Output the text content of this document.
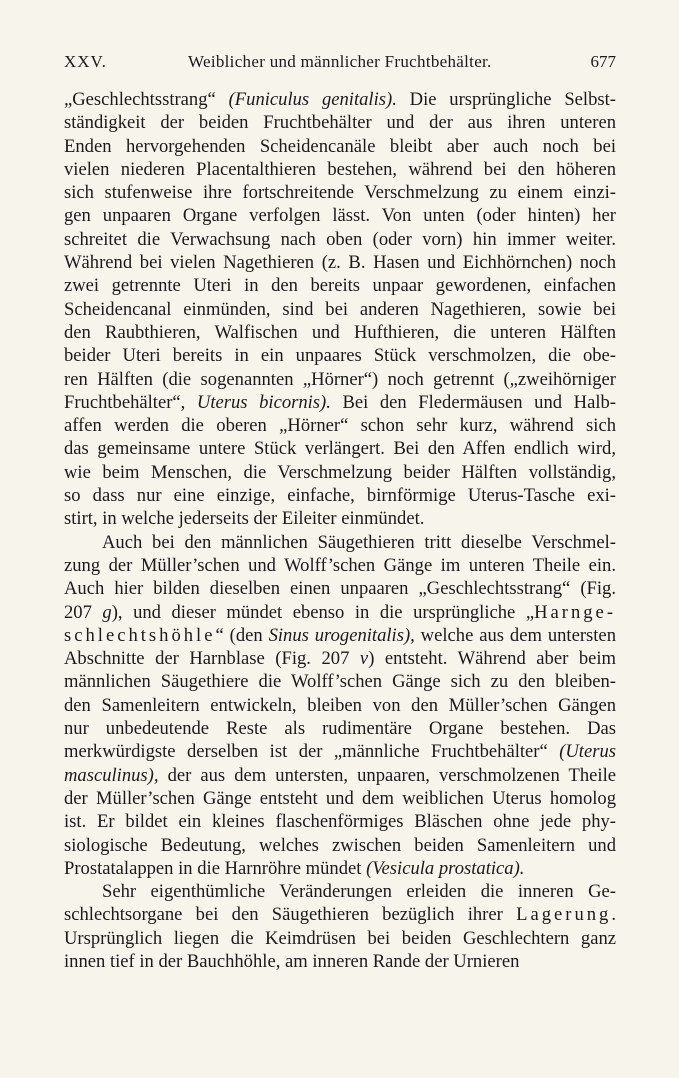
XXV.	Weiblicher und männlicher Fruchtbehälter.	677
„Geschlechtsstrang“ (Funiculus genitalis). Die ursprüngliche Selbst-
ständigkeit der beiden Fruchtbehälter und der aus ihren unteren
Enden hervorgehenden Scheidencanäle bleibt aber auch noch bei
vielen niederen Placentalthieren bestehen, während bei den höheren
sich stufenweise ihre fortschreitende Verschmelzung zu einem einzi-
gen unpaaren Organe verfolgen lässt. Von unten (oder hinten) her
schreitet die Verwachsung nach oben (oder vorn) hin immer weiter.
Während bei vielen Nagethieren (z. B. Hasen und Eichhörnchen) noch
zwei getrennte Uteri in den bereits unpaar gewordenen, einfachen
Scheidencanal einmünden, sind bei anderen Nagethieren, sowie bei
den Raubthieren, Walfischen und Hufthieren, die unteren Hälften
beider Uteri bereits in ein unpaares Stück verschmolzen, die obe-
ren Hälften (die sogenannten „Hörner“) noch getrennt („zweihörniger
Fruchtbehälter“, Uterus bicornis). Bei den Fledermäusen und Halb-
affen werden die oberen „Hörner“ schon sehr kurz, während sich
das gemeinsame untere Stück verlängert. Bei den Affen endlich wird,
wie beim Menschen, die Verschmelzung beider Hälften vollständig,
so dass nur eine einzige, einfache, birnförmige Uterus-Tasche exi-
stirt, in welche jederseits der Eileiter einmündet.
Auch bei den männlichen Säugethieren tritt dieselbe Verschmel-
zung der Müller’schen und Wolff’schen Gänge im unteren Theile ein.
Auch hier bilden dieselben einen unpaaren „Geschlechtsstrang“ (Fig.
207 g), und dieser mündet ebenso in die ursprüngliche „Harnge-
schlechtshöhle“ (den Sinus urogenitalis), welche aus dem untersten
Abschnitte der Harnblase (Fig. 207 v) entsteht. Während aber beim
männlichen Säugethiere die Wolff’schen Gänge sich zu den bleiben-
den Samenleitern entwickeln, bleiben von den Müller’schen Gängen
nur unbedeutende Reste als rudimentäre Organe bestehen. Das
merkwürdigste derselben ist der „männliche Fruchtbehälter“ (Uterus
masculinus), der aus dem untersten, unpaaren, verschmolzenen Theile
der Müller’schen Gänge entsteht und dem weiblichen Uterus homolog
ist. Er bildet ein kleines flaschenförmiges Bläschen ohne jede phy-
siologische Bedeutung, welches zwischen beiden Samenleitern und
Prostatalappen in die Harnröhre mündet (Vesicula prostatica).
Sehr eigenthümliche Veränderungen erleiden die inneren Ge-
schlechtsorgane bei den Säugethieren bezüglich ihrer Lagerung.
Ursprünglich liegen die Keimdrüsen bei beiden Geschlechtern ganz
innen tief in der Bauchhöhle, am inneren Rande der Urnieren
